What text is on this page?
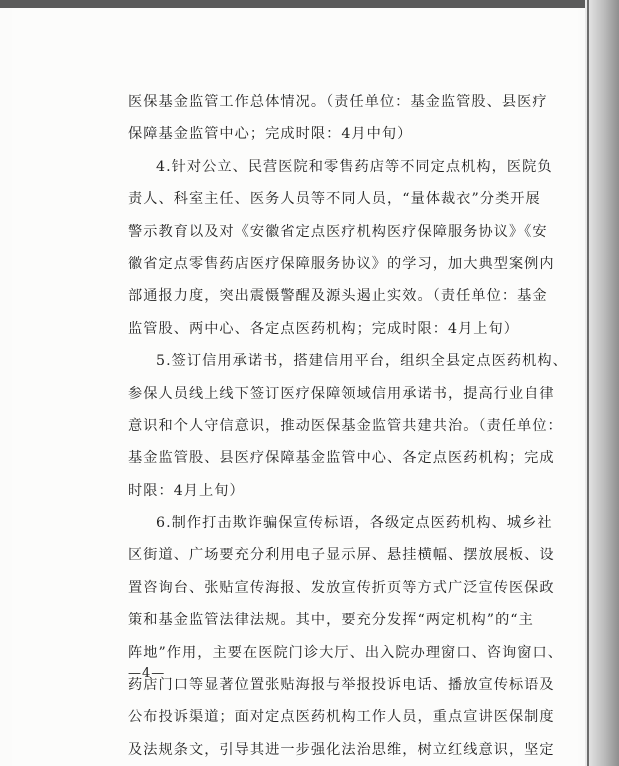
医保基金监管工作总体情况。（责任单位：基金监管股、县医疗
保障基金监管中心；完成时限：4月中旬）
4.针对公立、民营医院和零售药店等不同定点机构，医院负
责人、科室主任、医务人员等不同人员，“量体裁衣”分类开展
警示教育以及对《安徽省定点医疗机构医疗保障服务协议》《安
徽省定点零售药店医疗保障服务协议》的学习，加大典型案例内
部通报力度，突出震慑警醒及源头遏止实效。（责任单位：基金
监管股、两中心、各定点医药机构；完成时限：4月上旬）
5.签订信用承诺书，搭建信用平台，组织全县定点医药机构、
参保人员线上线下签订医疗保障领域信用承诺书，提高行业自律
意识和个人守信意识，推动医保基金监管共建共治。（责任单位：
基金监管股、县医疗保障基金监管中心、各定点医药机构；完成
时限：4月上旬）
6.制作打击欺诈骗保宣传标语，各级定点医药机构、城乡社
区街道、广场要充分利用电子显示屏、悬挂横幅、摆放展板、设
置咨询台、张贴宣传海报、发放宣传折页等方式广泛宣传医保政
策和基金监管法律法规。其中，要充分发挥“两定机构”的“主
阵地”作用，主要在医院门诊大厅、出入院办理窗口、咨询窗口、
药店门口等显著位置张贴海报与举报投诉电话、播放宣传标语及
公布投诉渠道；面对定点医药机构工作人员，重点宣讲医保制度
及法规条文，引导其进一步强化法治思维，树立红线意识，坚定
—4—
